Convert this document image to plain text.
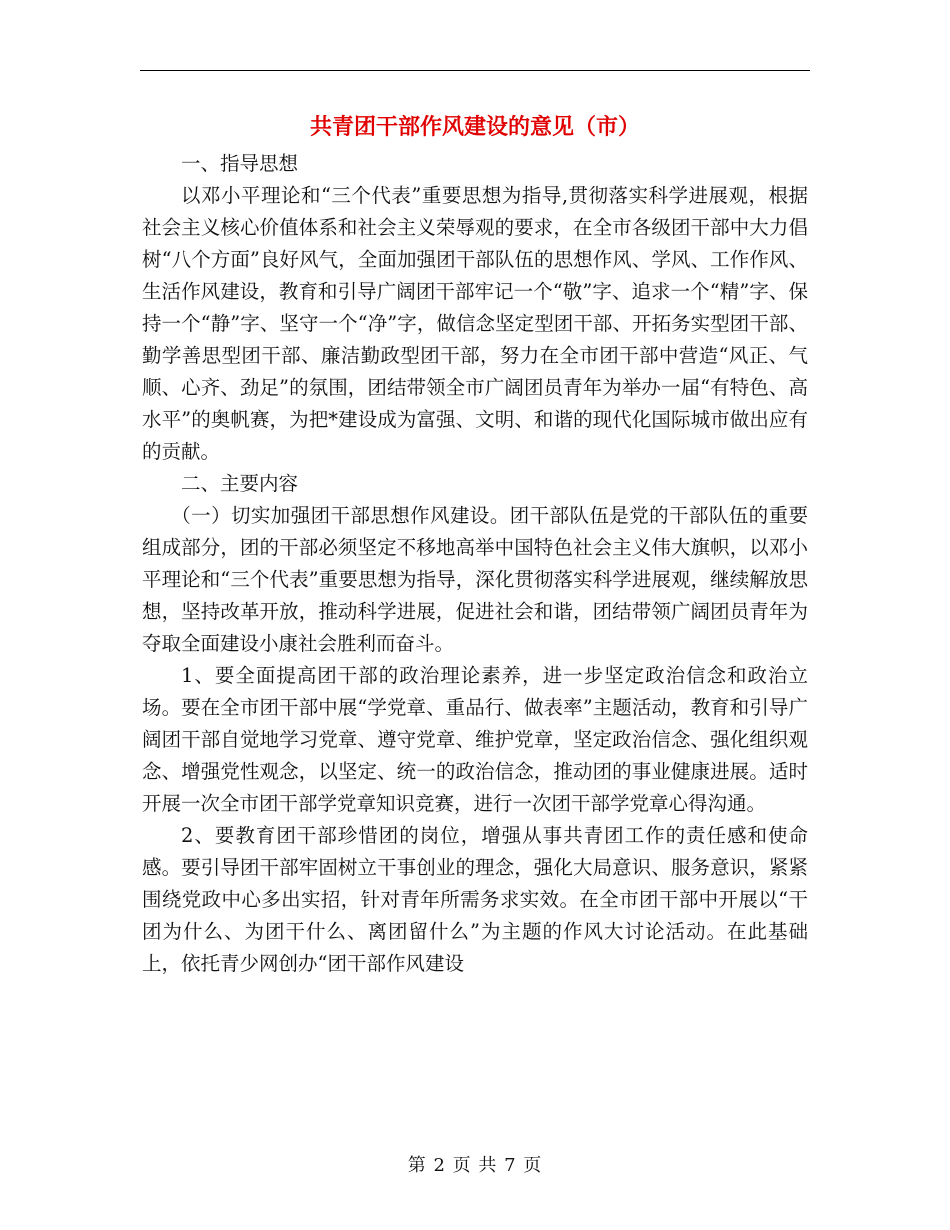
共青团干部作风建设的意见（市）

一、指导思想

以邓小平理论和“三个代表”重要思想为指导,贯彻落实科学进展观，根据社会主义核心价值体系和社会主义荣辱观的要求，在全市各级团干部中大力倡树“八个方面”良好风气，全面加强团干部队伍的思想作风、学风、工作作风、生活作风建设，教育和引导广阔团干部牢记一个“敬”字、追求一个“精”字、保持一个“静”字、坚守一个“净”字，做信念坚定型团干部、开拓务实型团干部、勤学善思型团干部、廉洁勤政型团干部，努力在全市团干部中营造“风正、气顺、心齐、劲足”的氛围，团结带领全市广阔团员青年为举办一届“有特色、高水平”的奥帆赛，为把*建设成为富强、文明、和谐的现代化国际城市做出应有的贡献。

二、主要内容

（一）切实加强团干部思想作风建设。团干部队伍是党的干部队伍的重要组成部分，团的干部必须坚定不移地高举中国特色社会主义伟大旗帜，以邓小平理论和“三个代表”重要思想为指导，深化贯彻落实科学进展观，继续解放思想，坚持改革开放，推动科学进展，促进社会和谐，团结带领广阔团员青年为夺取全面建设小康社会胜利而奋斗。

1、要全面提高团干部的政治理论素养，进一步坚定政治信念和政治立场。要在全市团干部中展“学党章、重品行、做表率”主题活动，教育和引导广阔团干部自觉地学习党章、遵守党章、维护党章，坚定政治信念、强化组织观念、增强党性观念，以坚定、统一的政治信念，推动团的事业健康进展。适时开展一次全市团干部学党章知识竞赛，进行一次团干部学党章心得沟通。

2、要教育团干部珍惜团的岗位，增强从事共青团工作的责任感和使命感。要引导团干部牢固树立干事创业的理念，强化大局意识、服务意识，紧紧围绕党政中心多出实招，针对青年所需务求实效。在全市团干部中开展以“干团为什么、为团干什么、离团留什么”为主题的作风大讨论活动。在此基础上，依托青少网创办“团干部作风建设

第 2 页 共 7 页
